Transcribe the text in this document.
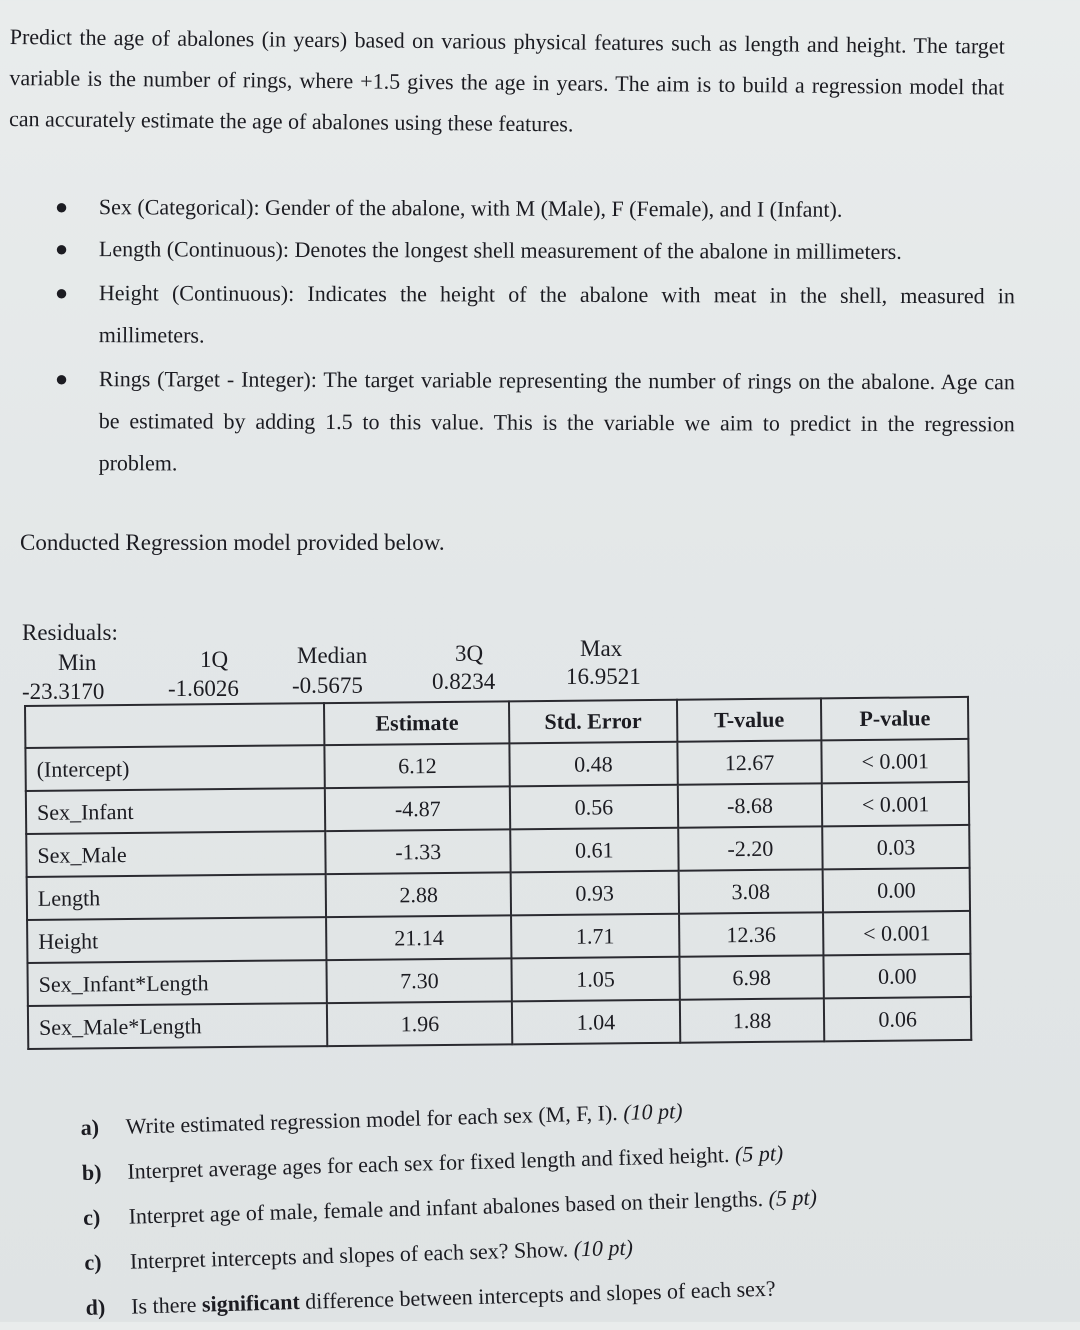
Predict the age of abalones (in years) based on various physical features such as length and height. The target variable is the number of rings, where +1.5 gives the age in years. The aim is to build a regression model that can accurately estimate the age of abalones using these features.
● Sex (Categorical): Gender of the abalone, with M (Male), F (Female), and I (Infant).
● Length (Continuous): Denotes the longest shell measurement of the abalone in millimeters.
● Height (Continuous): Indicates the height of the abalone with meat in the shell, measured in millimeters.
● Rings (Target - Integer): The target variable representing the number of rings on the abalone. Age can be estimated by adding 1.5 to this value. This is the variable we aim to predict in the regression problem.
Conducted Regression model provided below.
Residuals:
Min	1Q	Median	3Q	Max
-23.3170	-1.6026 -0.5675	0.8234	16.9521
	Estimate	Std. Error	T-value	P-value
(Intercept)	6.12	0.48	12.67	< 0.001
Sex_Infant	-4.87	0.56	-8.68	< 0.001
Sex_Male	-1.33	0.61	-2.20	0.03
Length	2.88	0.93	3.08	0.00
Height	21.14	1.71	12.36	< 0.001
Sex_Infant*Length	7.30	1.05	6.98	0.00
Sex_Male*Length	1.96	1.04	1.88	0.06
a) Write estimated regression model for each sex (M, F, I). (10 pt)
b) Interpret average ages for each sex for fixed length and fixed height. (5 pt)
c) Interpret age of male, female and infant abalones based on their lengths. (5 pt)
c) Interpret intercepts and slopes of each sex? Show. (10 pt)
d) Is there significant difference between intercepts and slopes of each sex?
